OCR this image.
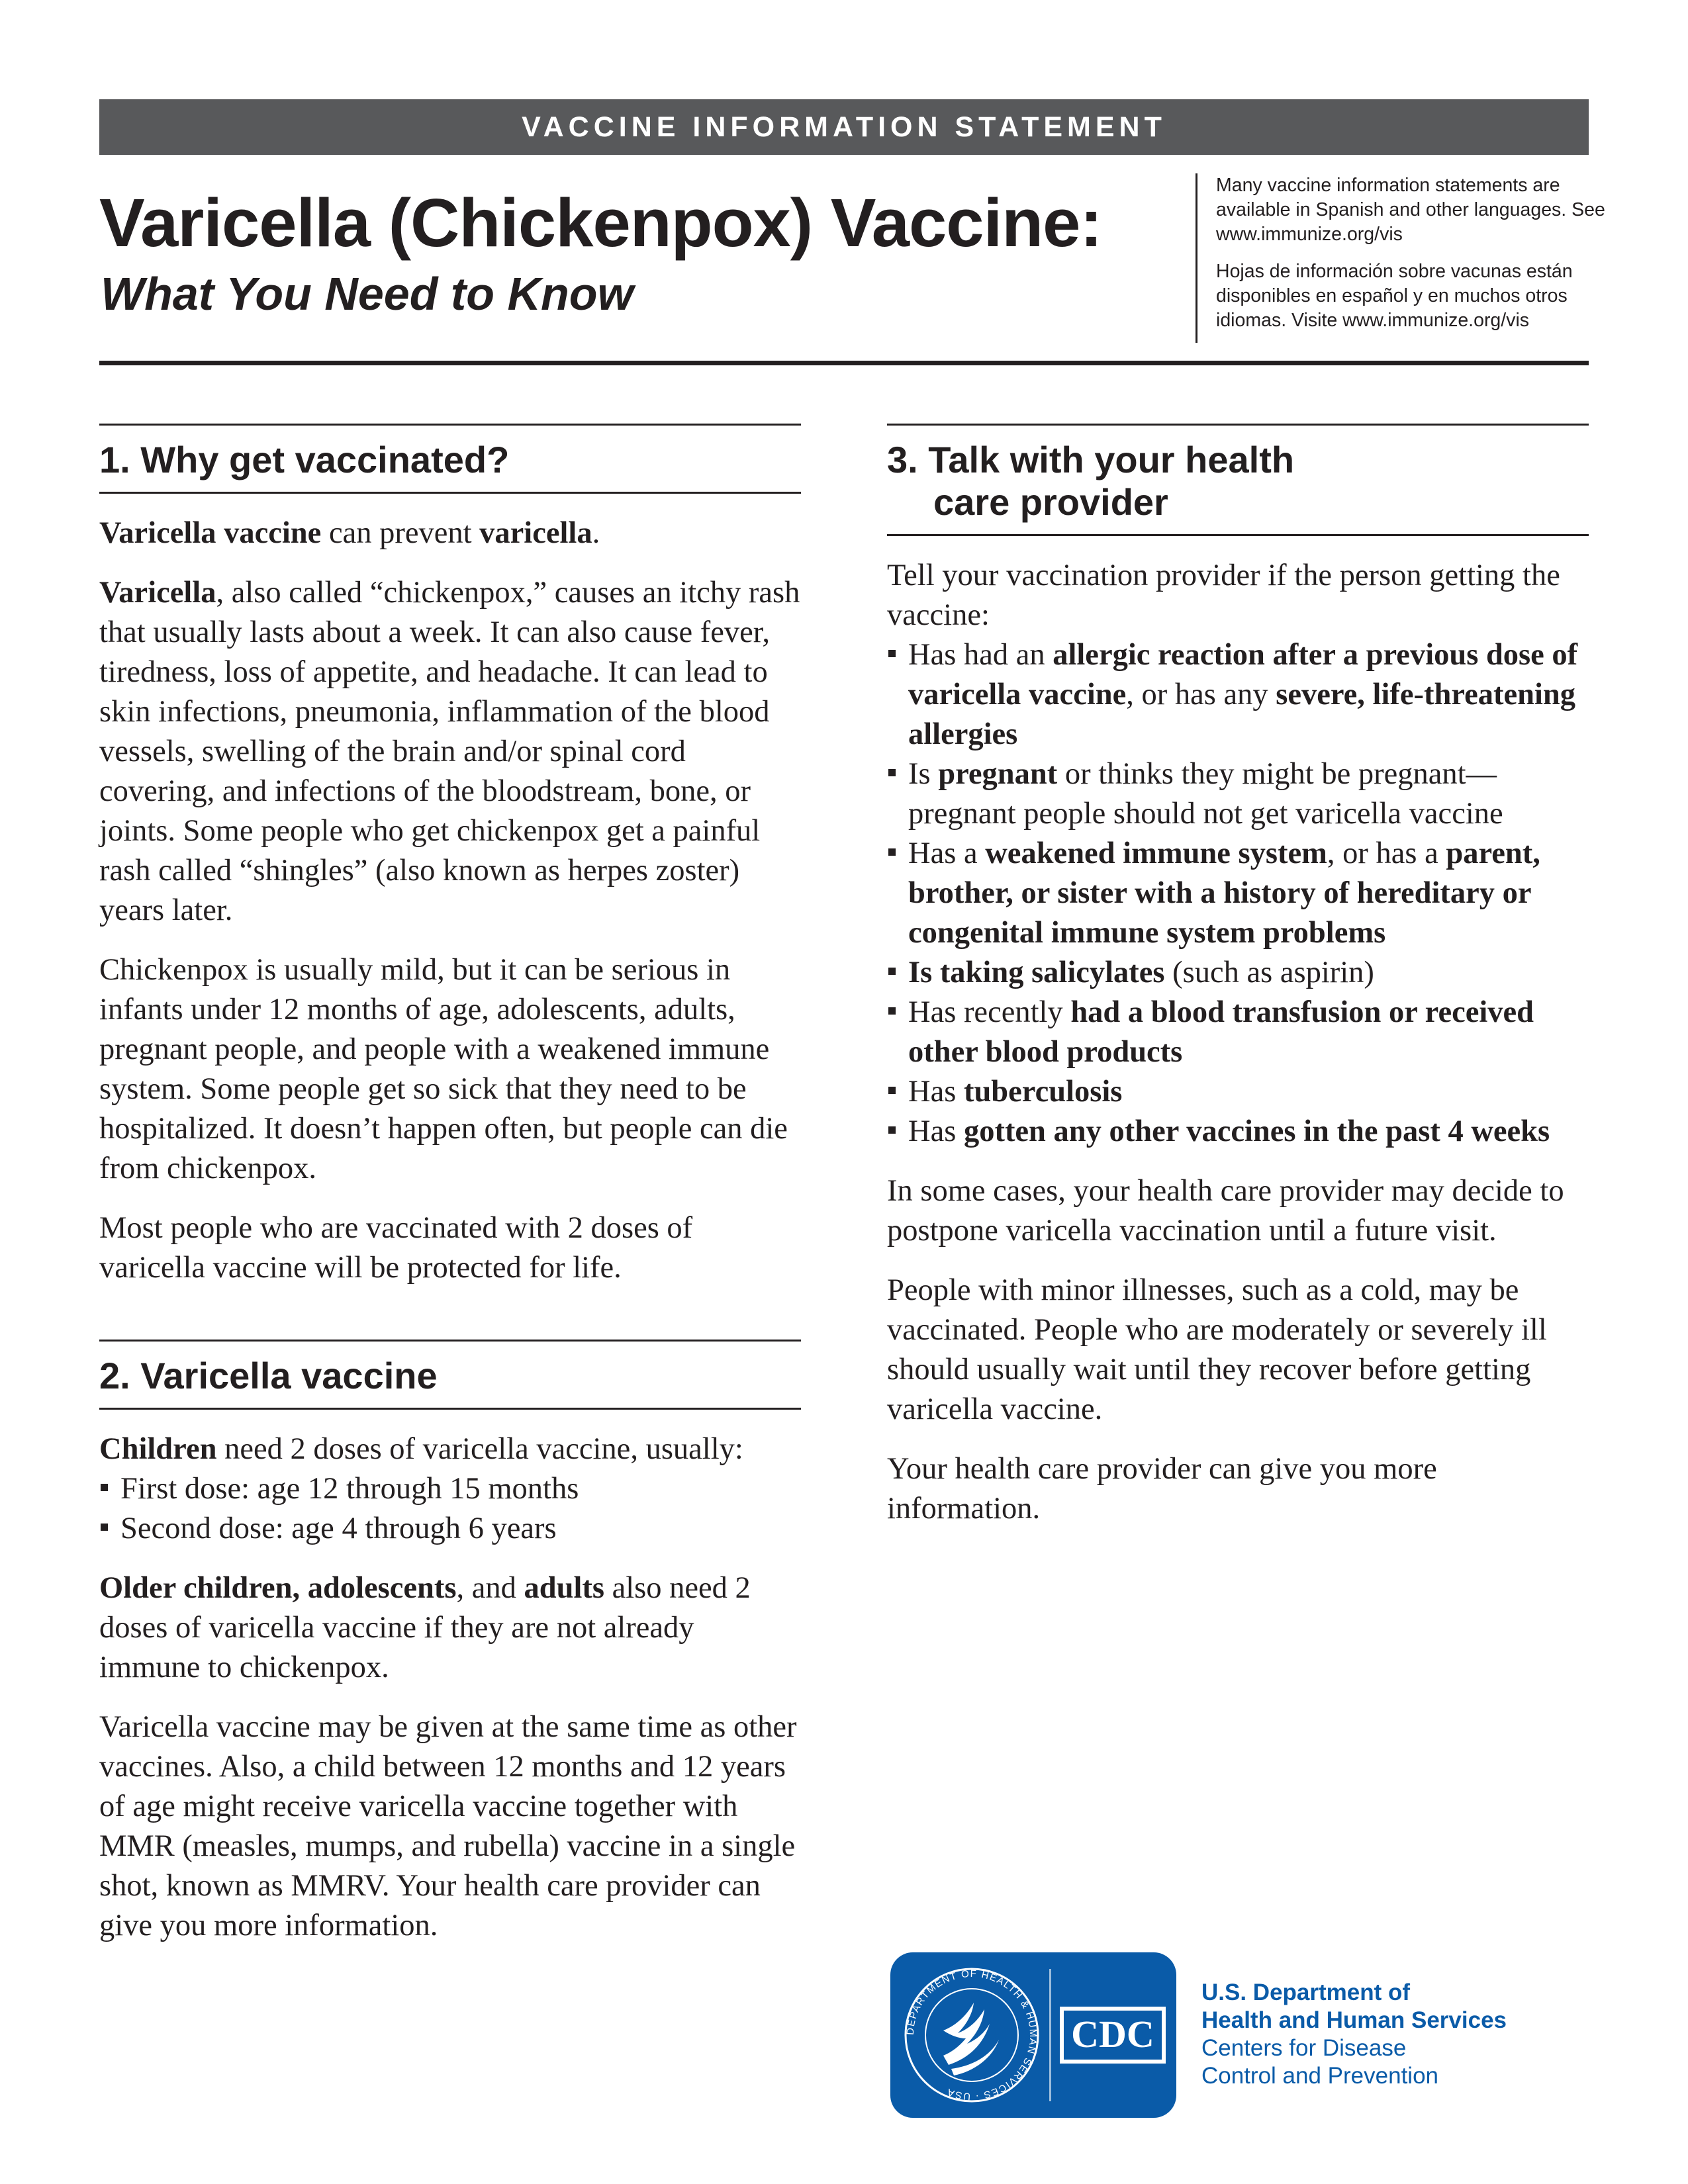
VACCINE INFORMATION STATEMENT
Varicella (Chickenpox) Vaccine:
What You Need to Know

Many vaccine information statements are available in Spanish and other languages. See www.immunize.org/vis

Hojas de información sobre vacunas están disponibles en español y en muchos otros idiomas. Visite www.immunize.org/vis

1. Why get vaccinated?

Varicella vaccine can prevent varicella.

Varicella, also called “chickenpox,” causes an itchy rash that usually lasts about a week. It can also cause fever, tiredness, loss of appetite, and headache. It can lead to skin infections, pneumonia, inflammation of the blood vessels, swelling of the brain and/or spinal cord covering, and infections of the bloodstream, bone, or joints. Some people who get chickenpox get a painful rash called “shingles” (also known as herpes zoster) years later.

Chickenpox is usually mild, but it can be serious in infants under 12 months of age, adolescents, adults, pregnant people, and people with a weakened immune system. Some people get so sick that they need to be hospitalized. It doesn’t happen often, but people can die from chickenpox.

Most people who are vaccinated with 2 doses of varicella vaccine will be protected for life.

2. Varicella vaccine

Children need 2 doses of varicella vaccine, usually:

First dose: age 12 through 15 months
Second dose: age 4 through 6 years

Older children, adolescents, and adults also need 2 doses of varicella vaccine if they are not already immune to chickenpox.

Varicella vaccine may be given at the same time as other vaccines. Also, a child between 12 months and 12 years of age might receive varicella vaccine together with MMR (measles, mumps, and rubella) vaccine in a single shot, known as MMRV. Your health care provider can give you more information.

3. Talk with your health
care provider

Tell your vaccination provider if the person getting the vaccine:

Has had an allergic reaction after a previous dose of varicella vaccine, or has any severe, life-threatening allergies
Is pregnant or thinks they might be pregnant—pregnant people should not get varicella vaccine
Has a weakened immune system, or has a parent, brother, or sister with a history of hereditary or congenital immune system problems
Is taking salicylates (such as aspirin)
Has recently had a blood transfusion or received other blood products
Has tuberculosis
Has gotten any other vaccines in the past 4 weeks

In some cases, your health care provider may decide to postpone varicella vaccination until a future visit.

People with minor illnesses, such as a cold, may be vaccinated. People who are moderately or severely ill should usually wait until they recover before getting varicella vaccine.

Your health care provider can give you more information.

DEPARTMENT OF HEALTH & HUMAN SERVICES · USA
CDC
U.S. Department of
Health and Human Services
Centers for Disease
Control and Prevention
